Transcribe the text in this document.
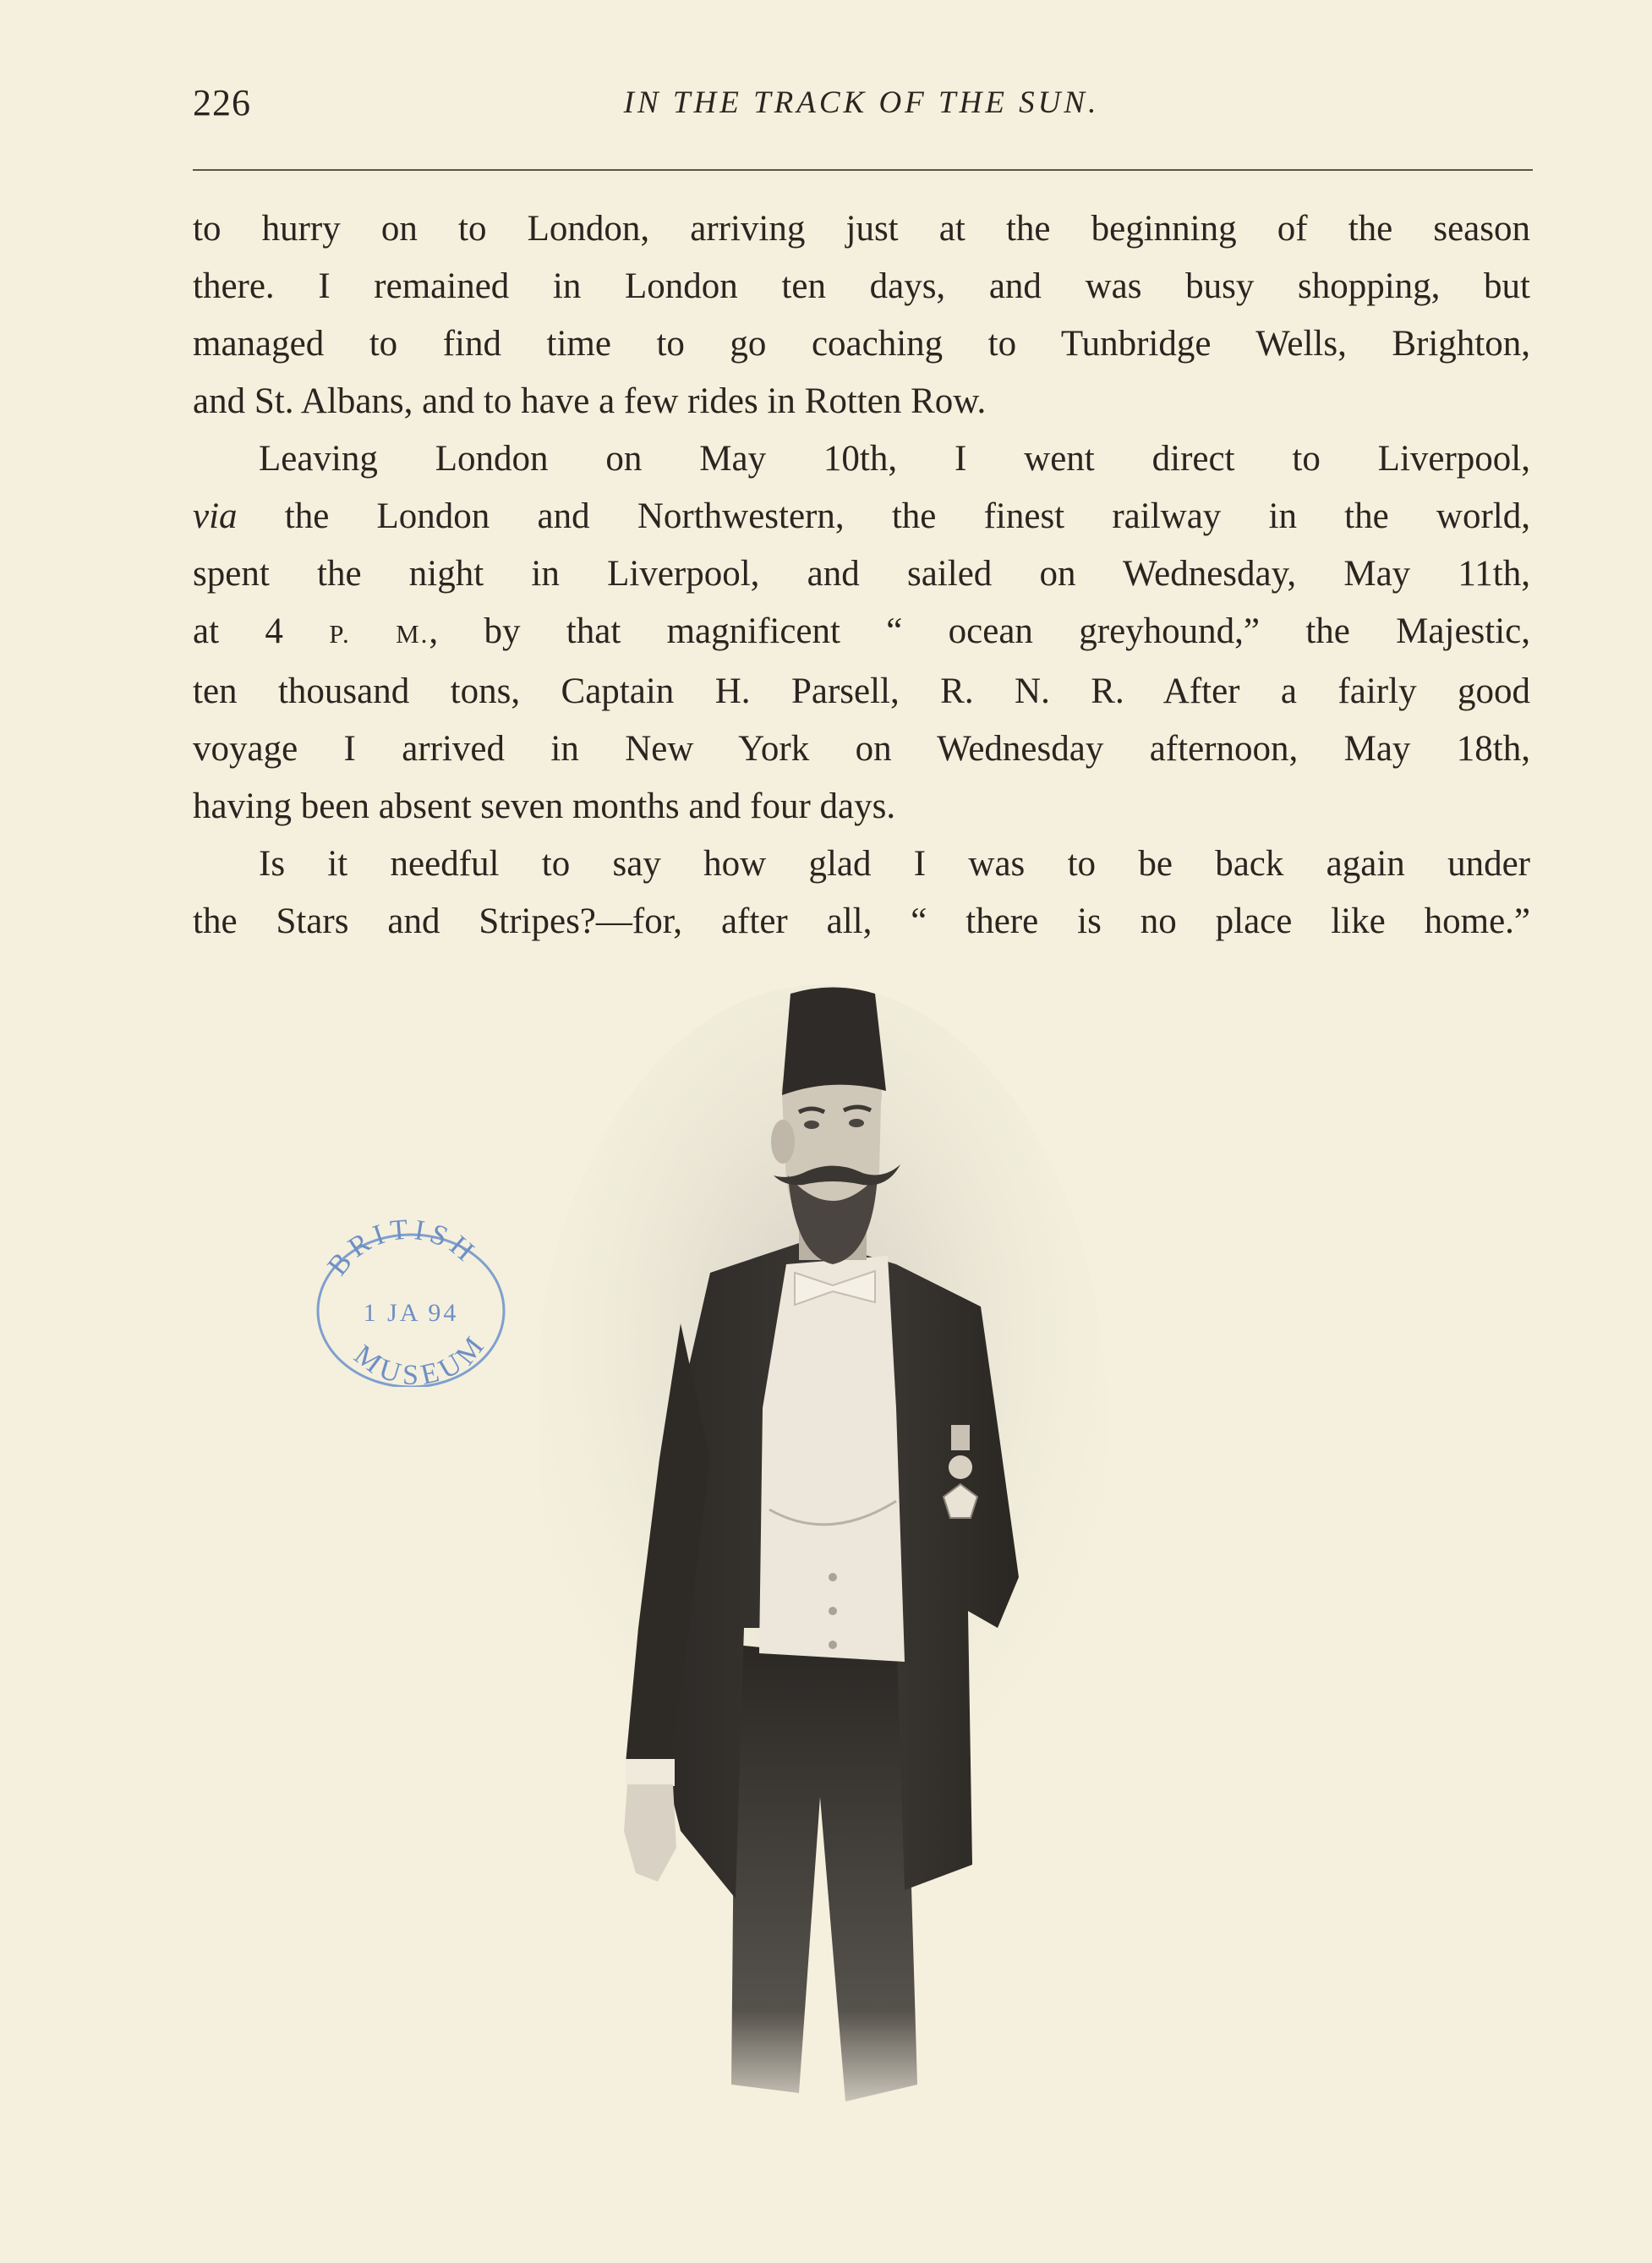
226	IN THE TRACK OF THE SUN.

to hurry on to London, arriving just at the beginning of the season
there. I remained in London ten days, and was busy shopping, but
managed to find time to go coaching to Tunbridge Wells, Brighton,
and St. Albans, and to have a few rides in Rotten Row.

Leaving London on May 10th, I went direct to Liverpool,
via the London and Northwestern, the finest railway in the world,
spent the night in Liverpool, and sailed on Wednesday, May 11th,
at 4 P. M., by that magnificent “ ocean greyhound,” the Majestic,
ten thousand tons, Captain H. Parsell, R. N. R. After a fairly good
voyage I arrived in New York on Wednesday afternoon, May 18th,
having been absent seven months and four days.

Is it needful to say how glad I was to be back again under
the Stars and Stripes?—for, after all, “ there is no place like home.”

BRITISH
1 JA 94
MUSEUM
